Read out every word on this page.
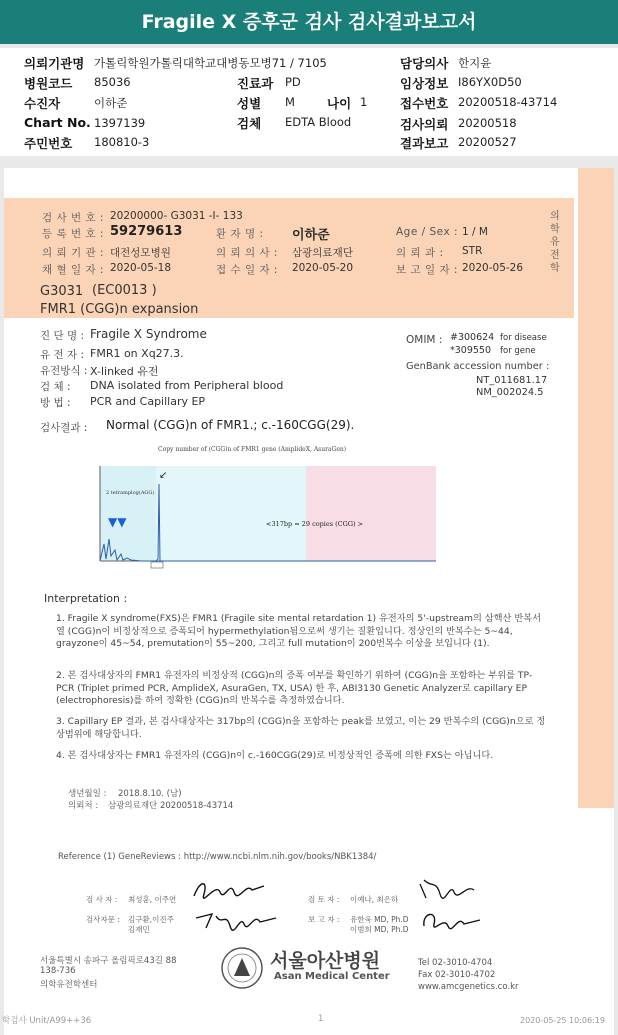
Fragile X 증후군 검사 검사결과보고서
의뢰기관명 가톨릭학원가톨릭대학교대병동모병71 / 7105	담당의사 한지윤
병원코드 85036	진료과 PD	임상정보 I86YX0D50
수진자	이하준	성별 M	나이 1	접수번호 20200518-43714
Chart No. 1397139	검체 EDTA Blood	검사의뢰 20200518
주민번호 180810-3	결과보고 20200527
의
학
유
전
학
검 사 번 호 : 20200000- G3031 -I- 133
등 록 번 호 : 59279613	환 자 명 : 이하준	Age / Sex : 1 / M
의 뢰 기 관 : 대전성모병원	의 뢰 의 사 : 삼광의료재단	의 뢰 과 : STR
채 혈 일 자 : 2020-05-18	접 수 일 자 : 2020-05-20	보 고 일 자 : 2020-05-26
G3031 (EC0013 )
FMR1 (CGG)n expansion
진 단 명 : Fragile X Syndrome
유 전 자 : FMR1 on Xq27.3.
유전방식 : X-linked 유전
검 체 : DNA isolated from Peripheral blood
방 법 : PCR and Capillary EP
OMIM : #300624 for disease
*309550 for gene
GenBank accession number :
NT_011681.17
NM_002024.5
검사결과 : Normal (CGG)n of FMR1.; c.-160CGG(29).
Copy number of (CGG)n of FMR1 gene (AmplideX, AsuraGen)
▼▼
↙
2 tetramplog(AGG)
<317bp = 29 copies (CGG) >
Interpretation :
1. Fragile X syndrome(FXS)은 FMR1 (Fragile site mental retardation 1) 유전자의 5'-upstream의 삼핵산 반복서열 (CGG)n이 비정상적으로 증폭되어 hypermethylation됨으로써 생기는 질환입니다. 정상인의 반복수는 5~44, grayzone이 45~54, premutation이 55~200, 그리고 full mutation이 200번복수 이상을 보입니다 (1).
2. 본 검사대상자의 FMR1 유전자의 비정상적 (CGG)n의 증폭 여부를 확인하기 위하여 (CGG)n을 포함하는 부위를 TP-PCR (Triplet primed PCR, AmplideX, AsuraGen, TX, USA) 한 후, ABI3130 Genetic Analyzer로 capillary EP (electrophoresis)를 하여 정확한 (CGG)n의 반복수를 측정하였습니다.
3. Capillary EP 결과, 본 검사대상자는 317bp의 (CGG)n을 포함하는 peak를 보였고, 이는 29 반복수의 (CGG)n으로 정상범위에 해당합니다.
4. 본 검사대상자는 FMR1 유전자의 (CGG)n이 c.-160CGG(29)로 비정상적인 증폭에 의한 FXS는 아닙니다.
생년월일 : 2018.8.10. (남)
의뢰처 : 삼광의료재단 20200518-43714
Reference (1) GeneReviews : http://www.ncbi.nlm.nih.gov/books/NBK1384/
검 사 자 : 최성훈, 이주연
검사자문 : 김구환,이진주
김재민
검 토 자 : 이예나, 최은하
보 고 자 : 유한욱 MD, Ph.D
이범희 MD, Ph.D
서울특별시 송파구 올림픽로43길 88
138-736
의학유전학센터
서울아산병원
Asan Medical Center
Tel 02-3010-4704
Fax 02-3010-4702
www.amcgenetics.co.kr
학검사 Unit/A99++36	1	2020-05-25 10:06:19
